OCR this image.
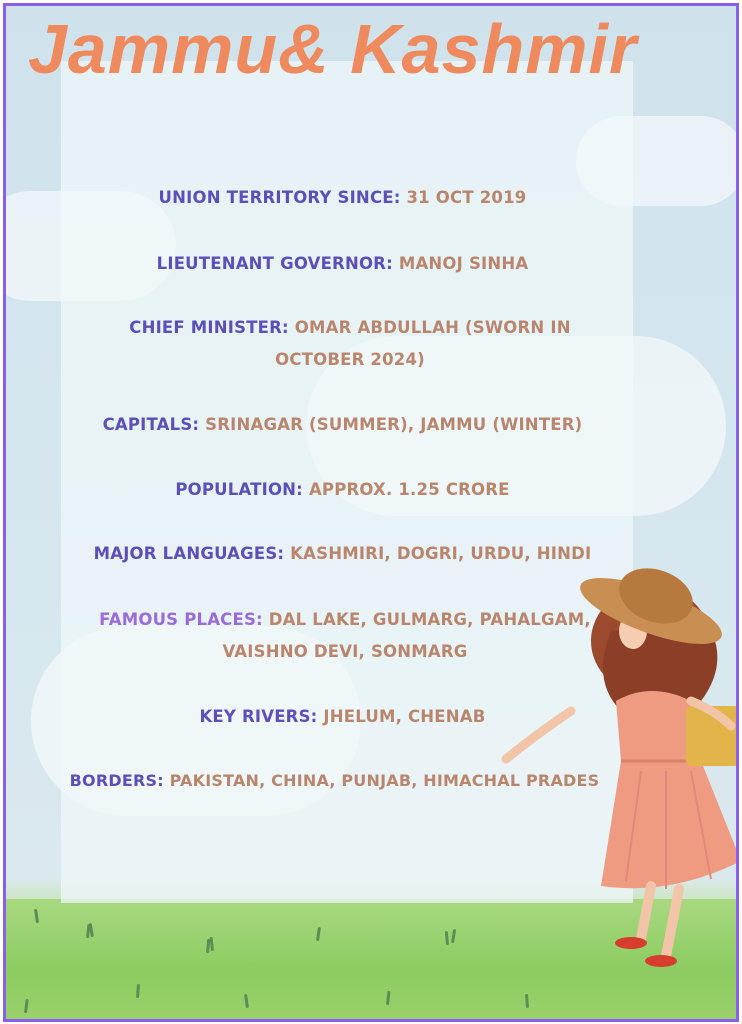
Jammu& Kashmir
UNION TERRITORY SINCE: 31 OCT 2019
LIEUTENANT GOVERNOR: MANOJ SINHA
CHIEF MINISTER: OMAR ABDULLAH (SWORN IN OCTOBER 2024)
CAPITALS: SRINAGAR (SUMMER), JAMMU (WINTER)
POPULATION: APPROX. 1.25 CRORE
MAJOR LANGUAGES: KASHMIRI, DOGRI, URDU, HINDI
FAMOUS PLACES: DAL LAKE, GULMARG, PAHALGAM, VAISHNO DEVI, SONMARG
KEY RIVERS: JHELUM, CHENAB
BORDERS: PAKISTAN, CHINA, PUNJAB, HIMACHAL PRADES
